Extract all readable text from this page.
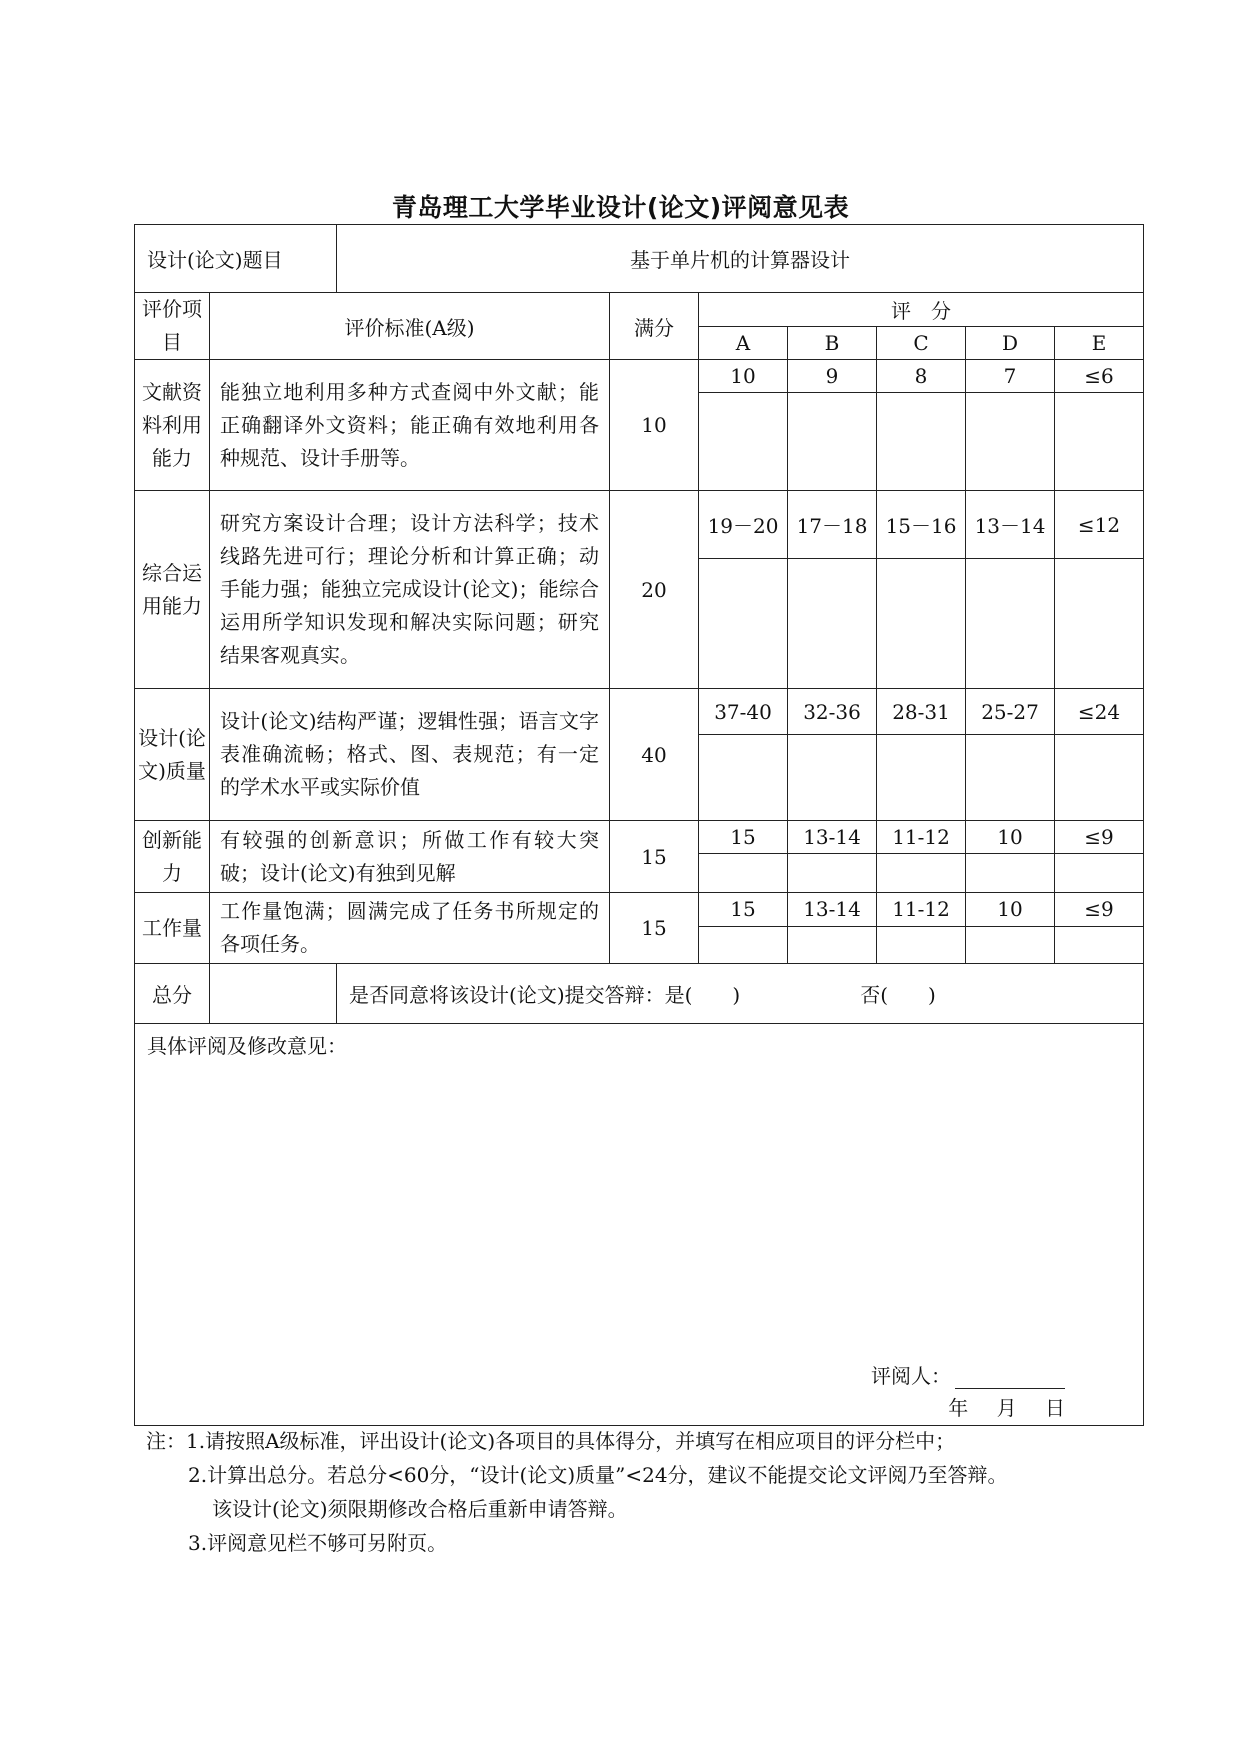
青岛理工大学毕业设计(论文)评阅意见表
设计(论文)题目		基于单片机的计算器设计						
评价项目	评价标准(A级)		满分	评　分				
				A	B	C	D	E
文献资料利用能力	能独立地利用多种方式查阅中外文献；能正确翻译外文资料；能正确有效地利用各种规范、设计手册等。		10	10	9	8	7	≤6

综合运用能力	研究方案设计合理；设计方法科学；技术线路先进可行；理论分析和计算正确；动手能力强；能独立完成设计(论文)；能综合运用所学知识发现和解决实际问题；研究结果客观真实。		20	19－20	17－18	15－16	13－14	≤12

设计(论文)质量	设计(论文)结构严谨；逻辑性强；语言文字表准确流畅；格式、图、表规范；有一定的学术水平或实际价值		40	37-40	32-36	28-31	25-27	≤24

创新能力	有较强的创新意识；所做工作有较大突破；设计(论文)有独到见解		15	15	13-14	11-12	10	≤9

工作量	工作量饱满；圆满完成了任务书所规定的各项任务。		15	15	13-14	11-12	10	≤9

总分		是否同意将该设计(论文)提交答辩：是(　　) 否(　　)						

具体评阅及修改意见：
评阅人：
年 月 日								
注：1.请按照A级标准，评出设计(论文)各项目的具体得分，并填写在相应项目的评分栏中；
2.计算出总分。若总分<60分，“设计(论文)质量”<24分，建议不能提交论文评阅乃至答辩。
该设计(论文)须限期修改合格后重新申请答辩。
3.评阅意见栏不够可另附页。
